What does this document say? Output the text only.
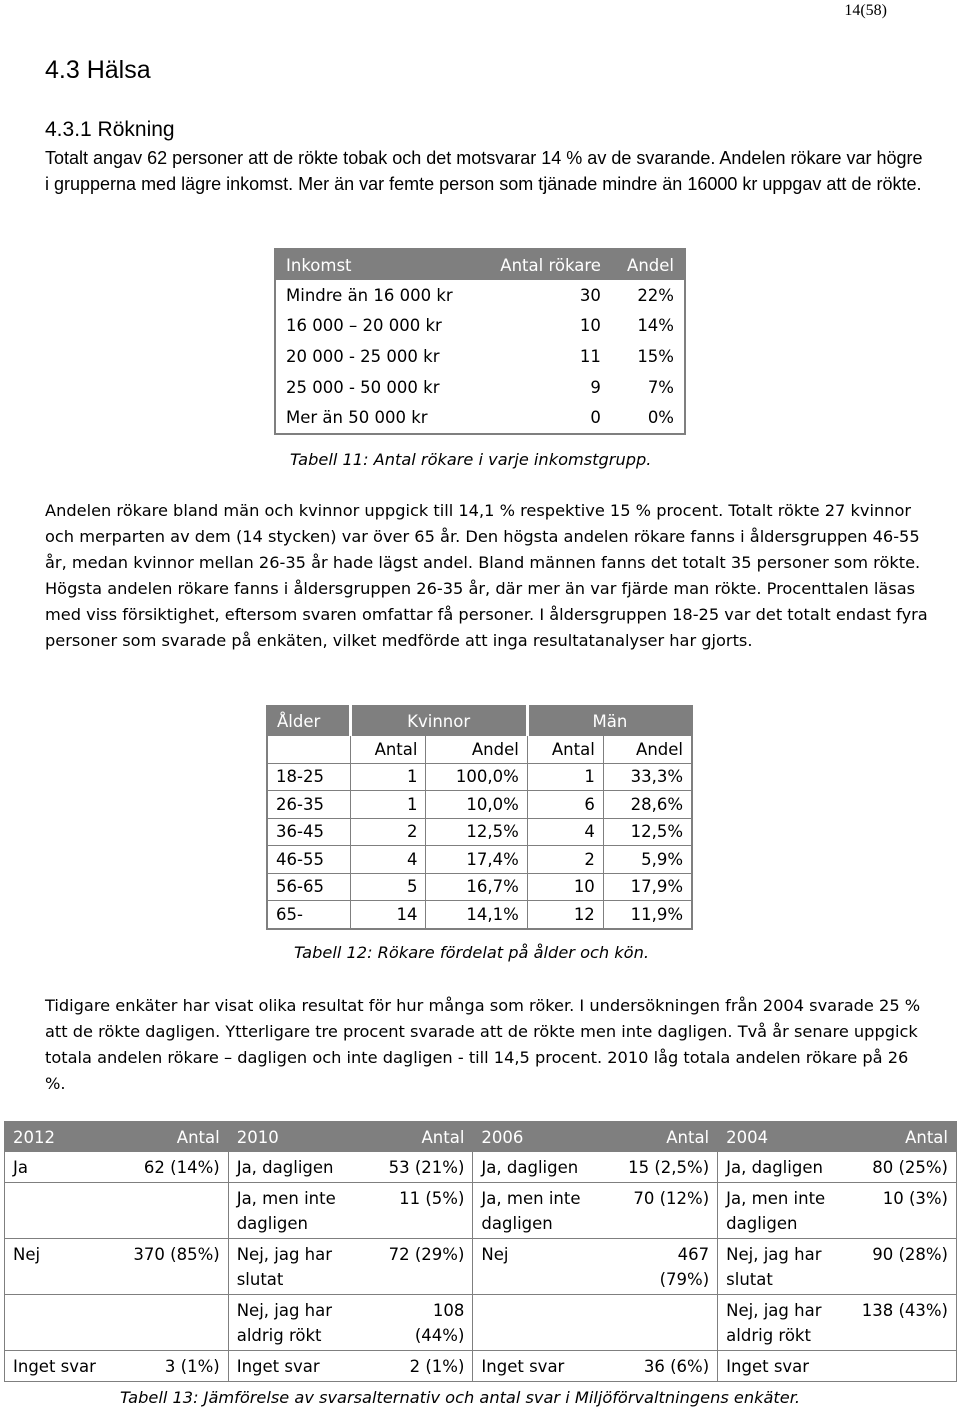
14(58)
4.3 Hälsa
4.3.1 Rökning

Totalt angav 62 personer att de rökte tobak och det motsvarar 14 % av de svarande. Andelen rökare var högre i grupperna med lägre inkomst. Mer än var femte person som tjänade mindre än 16000 kr uppgav att de rökte.

Inkomst	Antal rökare	Andel
Mindre än 16 000 kr	30	22%
16 000 – 20 000 kr	10	14%
20 000 - 25 000 kr	11	15%
25 000 - 50 000 kr	9	7%
Mer än 50 000 kr	0	0%
Tabell 11: Antal rökare i varje inkomstgrupp.

Andelen rökare bland män och kvinnor uppgick till 14,1 % respektive 15 % procent. Totalt rökte 27 kvinnor och merparten av dem (14 stycken) var över 65 år. Den högsta andelen rökare fanns i åldersgruppen 46-55 år, medan kvinnor mellan 26-35 år hade lägst andel. Bland männen fanns det totalt 35 personer som rökte. Högsta andelen rökare fanns i åldersgruppen 26-35 år, där mer än var fjärde man rökte. Procenttalen läsas med viss försiktighet, eftersom svaren omfattar få personer. I åldersgruppen 18-25 var det totalt endast fyra personer som svarade på enkäten, vilket medförde att inga resultatanalyser har gjorts.

Ålder	Kvinnor		Män	
	Antal	Andel	Antal	Andel
18-25	1	100,0%	1	33,3%
26-35	1	10,0%	6	28,6%
36-45	2	12,5%	4	12,5%
46-55	4	17,4%	2	5,9%
56-65	5	16,7%	10	17,9%
65-	14	14,1%	12	11,9%
Tabell 12: Rökare fördelat på ålder och kön.

Tidigare enkäter har visat olika resultat för hur många som röker. I undersökningen från 2004 svarade 25 % att de rökte dagligen. Ytterligare tre procent svarade att de rökte men inte dagligen. Två år senare uppgick totala andelen rökare – dagligen och inte dagligen - till 14,5 procent. 2010 låg totala andelen rökare på 26 %.

2012	Antal	2010	Antal	2006	Antal	2004	Antal
Ja	62 (14%)	Ja, dagligen	53 (21%)	Ja, dagligen	15 (2,5%)	Ja, dagligen	80 (25%)
		Ja, men inte dagligen	11 (5%)	Ja, men inte dagligen	70 (12%)	Ja, men inte dagligen	10 (3%)
Nej	370 (85%)	Nej, jag har slutat	72 (29%)	Nej	467 (79%)	Nej, jag har slutat	90 (28%)
		Nej, jag har aldrig rökt	108 (44%)			Nej, jag har aldrig rökt	138 (43%)
Inget svar	3 (1%)	Inget svar	2 (1%)	Inget svar	36 (6%)	Inget svar	
Tabell 13: Jämförelse av svarsalternativ och antal svar i Miljöförvaltningens enkäter.
